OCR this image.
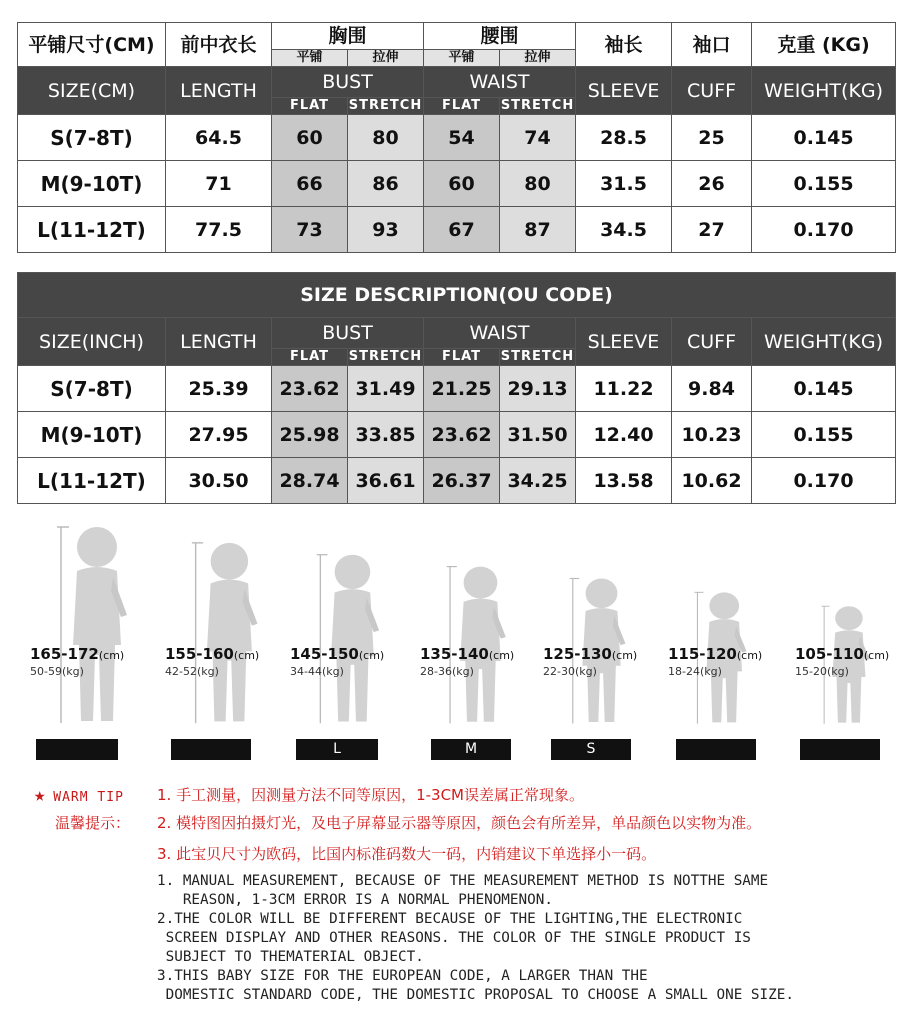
平铺尺寸(CM)	前中衣长	胸围		腰围		袖长	袖口	克重 (KG)
		平铺	拉伸	平铺	拉伸			
SIZE(CM)	LENGTH	BUST		WAIST		SLEEVE	CUFF	WEIGHT(KG)
		FLAT	STRETCH	FLAT	STRETCH			
S(7-8T)	64.5	60	80	54	74	28.5	25	0.145
M(9-10T)	71	66	86	60	80	31.5	26	0.155
L(11-12T)	77.5	73	93	67	87	34.5	27	0.170
SIZE DESCRIPTION(OU CODE)								
SIZE(INCH)	LENGTH	BUST		WAIST		SLEEVE	CUFF	WEIGHT(KG)
		FLAT	STRETCH	FLAT	STRETCH			
S(7-8T)	25.39	23.62	31.49	21.25	29.13	11.22	9.84	0.145
M(9-10T)	27.95	25.98	33.85	23.62	31.50	12.40	10.23	0.155
L(11-12T)	30.50	28.74	36.61	26.37	34.25	13.58	10.62	0.170
165-172(cm)
50-59(kg)
155-160(cm)
42-52(kg)
145-150(cm)
34-44(kg)
L
135-140(cm)
28-36(kg)
M
125-130(cm)
22-30(kg)
S
115-120(cm)
18-24(kg)
105-110(cm)
15-20(kg)
★ WARM TIP
温馨提示：
1. 手工测量，因测量方法不同等原因，1-3CM误差属正常现象。
2. 模特图因拍摄灯光，及电子屏幕显示器等原因，颜色会有所差异，单品颜色以实物为准。
3. 此宝贝尺寸为欧码，比国内标准码数大一码，内销建议下单选择小一码。
1. MANUAL MEASUREMENT, BECAUSE OF THE MEASUREMENT METHOD IS NOTTHE SAME
REASON, 1-3CM ERROR IS A NORMAL PHENOMENON.
2.THE COLOR WILL BE DIFFERENT BECAUSE OF THE LIGHTING,THE ELECTRONIC
SCREEN DISPLAY AND OTHER REASONS. THE COLOR OF THE SINGLE PRODUCT IS
SUBJECT TO THEMATERIAL OBJECT.
3.THIS BABY SIZE FOR THE EUROPEAN CODE, A LARGER THAN THE
DOMESTIC STANDARD CODE, THE DOMESTIC PROPOSAL TO CHOOSE A SMALL ONE SIZE.
